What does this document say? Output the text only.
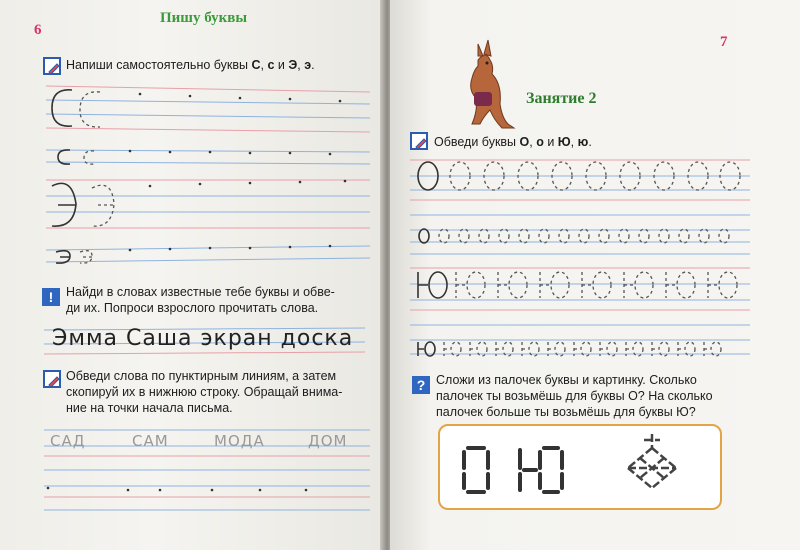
6
Пишу буквы
Напиши самостоятельно буквы С, с и Э, э.
!	Найди в словах известные тебе буквы и обве-
ди их. Попроси взрослого прочитать слова.
Эмма Саша экран доска
Обведи слова по пунктирным линиям, а затем
скопируй их в нижнюю строку. Обращай внима-
ние на точки начала письма.
САД	САМ	МОДА	ДОМ
7
Занятие 2
Обведи буквы О, о и Ю, ю.
? Сложи из палочек буквы и картинку. Сколько
палочек ты возьмёшь для буквы О? На сколько
палочек больше ты возьмёшь для буквы Ю?
